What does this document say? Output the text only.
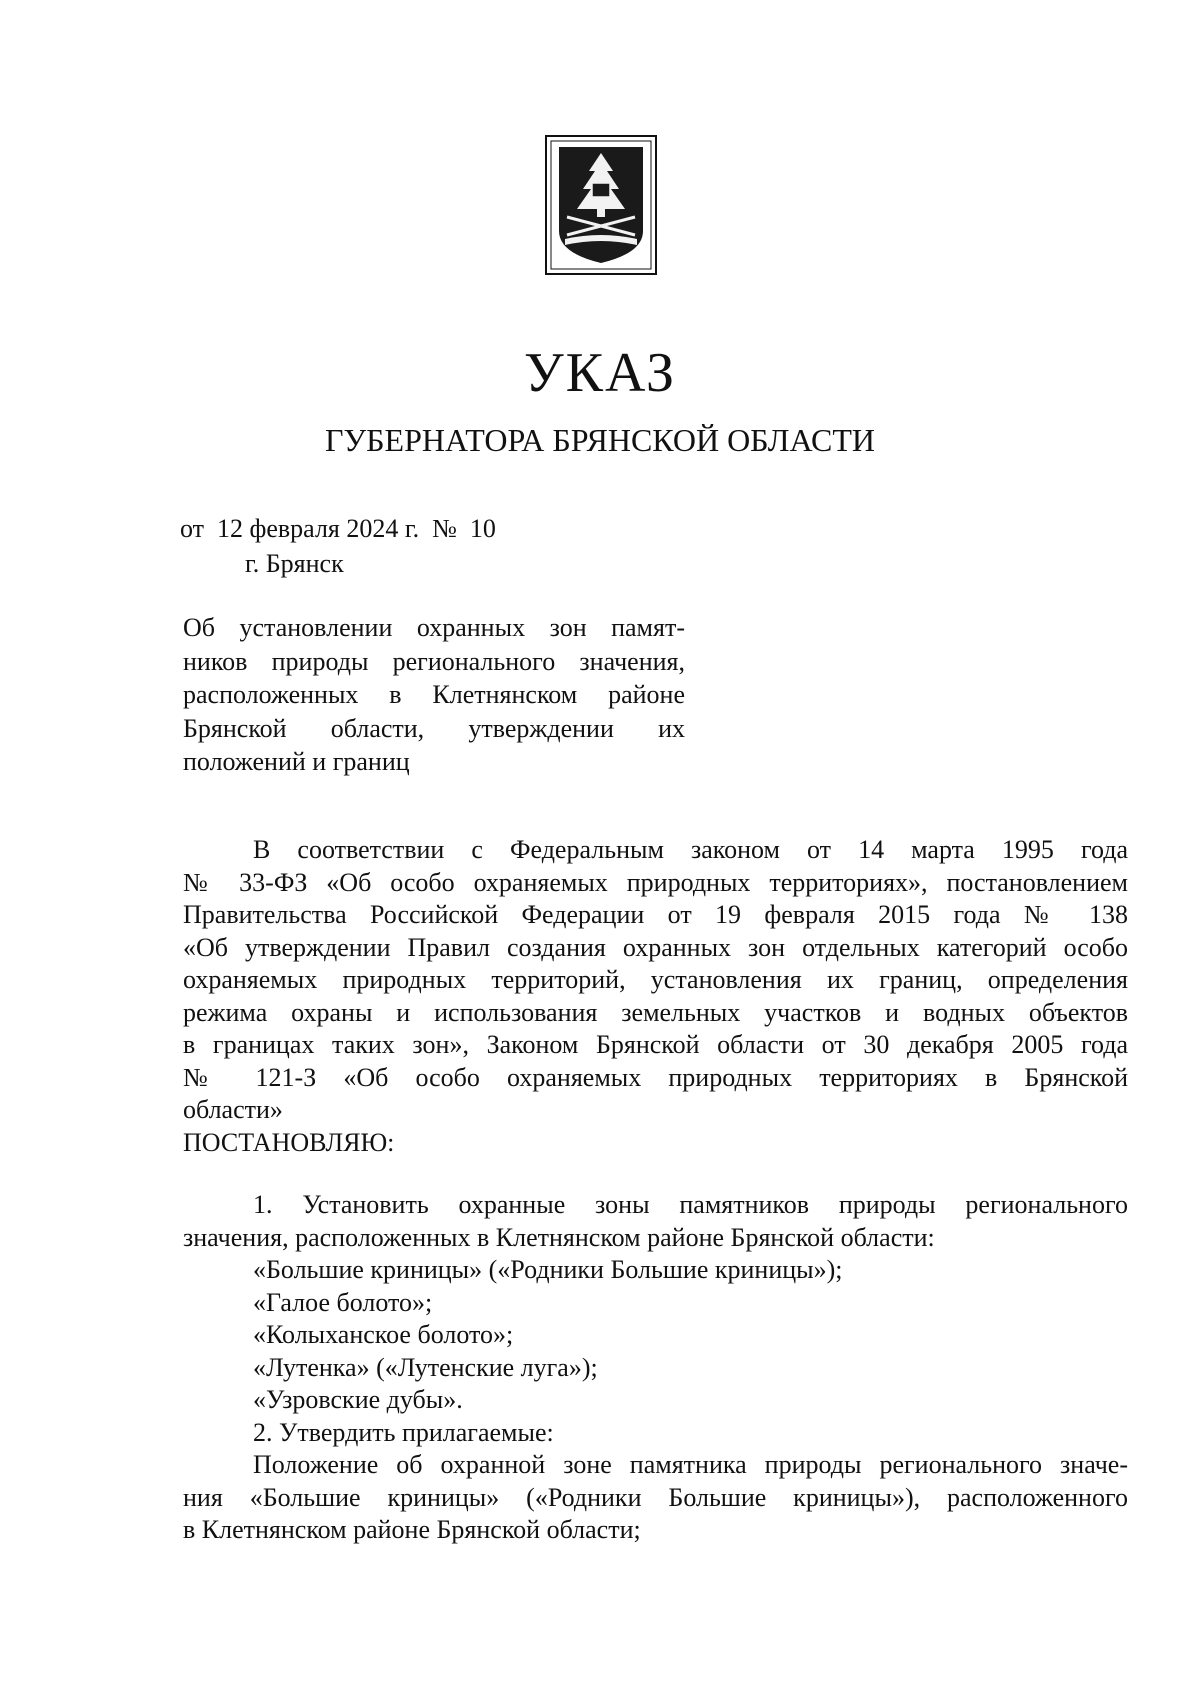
УКАЗ
ГУБЕРНАТОРА БРЯНСКОЙ ОБЛАСТИ
от  12 февраля 2024 г.  №  10
г. Брянск
Об установлении охранных зон памят-
ников природы регионального значения,
расположенных в Клетнянском районе
Брянской области, утверждении их
положений и границ
В соответствии с Федеральным законом от 14 марта 1995 года
№ 33-ФЗ «Об особо охраняемых природных территориях», постановлением
Правительства Российской Федерации от 19 февраля 2015 года № 138
«Об утверждении Правил создания охранных зон отдельных категорий особо
охраняемых природных территорий, установления их границ, определения
режима охраны и использования земельных участков и водных объектов
в границах таких зон», Законом Брянской области от 30 декабря 2005 года
№ 121-З «Об особо охраняемых природных территориях в Брянской
области»
ПОСТАНОВЛЯЮ:
1. Установить охранные зоны памятников природы регионального
значения, расположенных в Клетнянском районе Брянской области:
«Большие криницы» («Родники Большие криницы»);
«Галое болото»;
«Колыханское болото»;
«Лутенка» («Лутенские луга»);
«Узровские дубы».
2. Утвердить прилагаемые:
Положение об охранной зоне памятника природы регионального значе-
ния «Большие криницы» («Родники Большие криницы»), расположенного
в Клетнянском районе Брянской области;
